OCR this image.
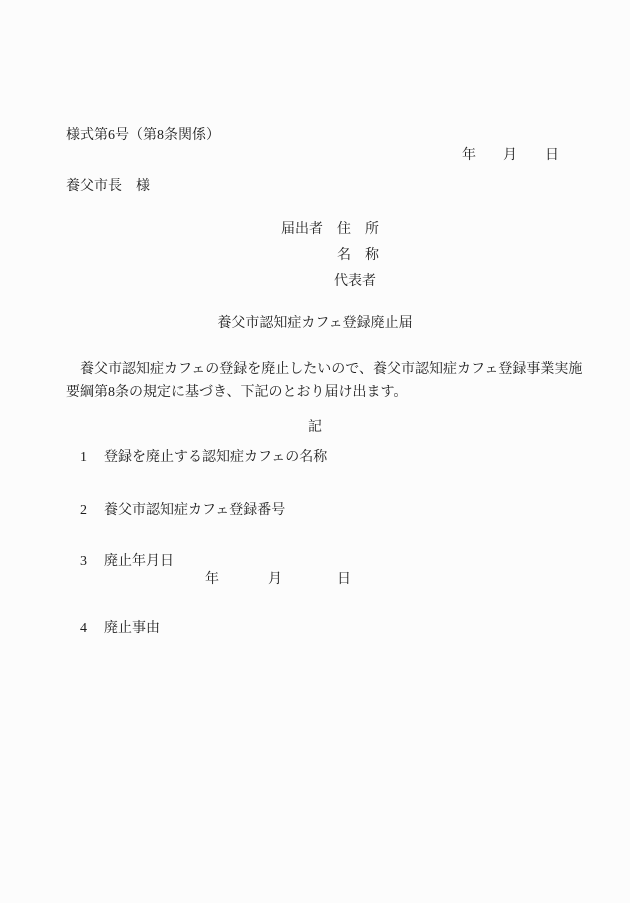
様式第6号（第8条関係）
年 月 日
養父市長　様
届出者 住　所
名　称
代表者
養父市認知症カフェ登録廃止届
　養父市認知症カフェの登録を廃止したいので、養父市認知症カフェ登録事業実施
要綱第8条の規定に基づき、下記のとおり届け出ます。
記
1 登録を廃止する認知症カフェの名称
2 養父市認知症カフェ登録番号
3 廃止年月日
年	月	日
4 廃止事由
